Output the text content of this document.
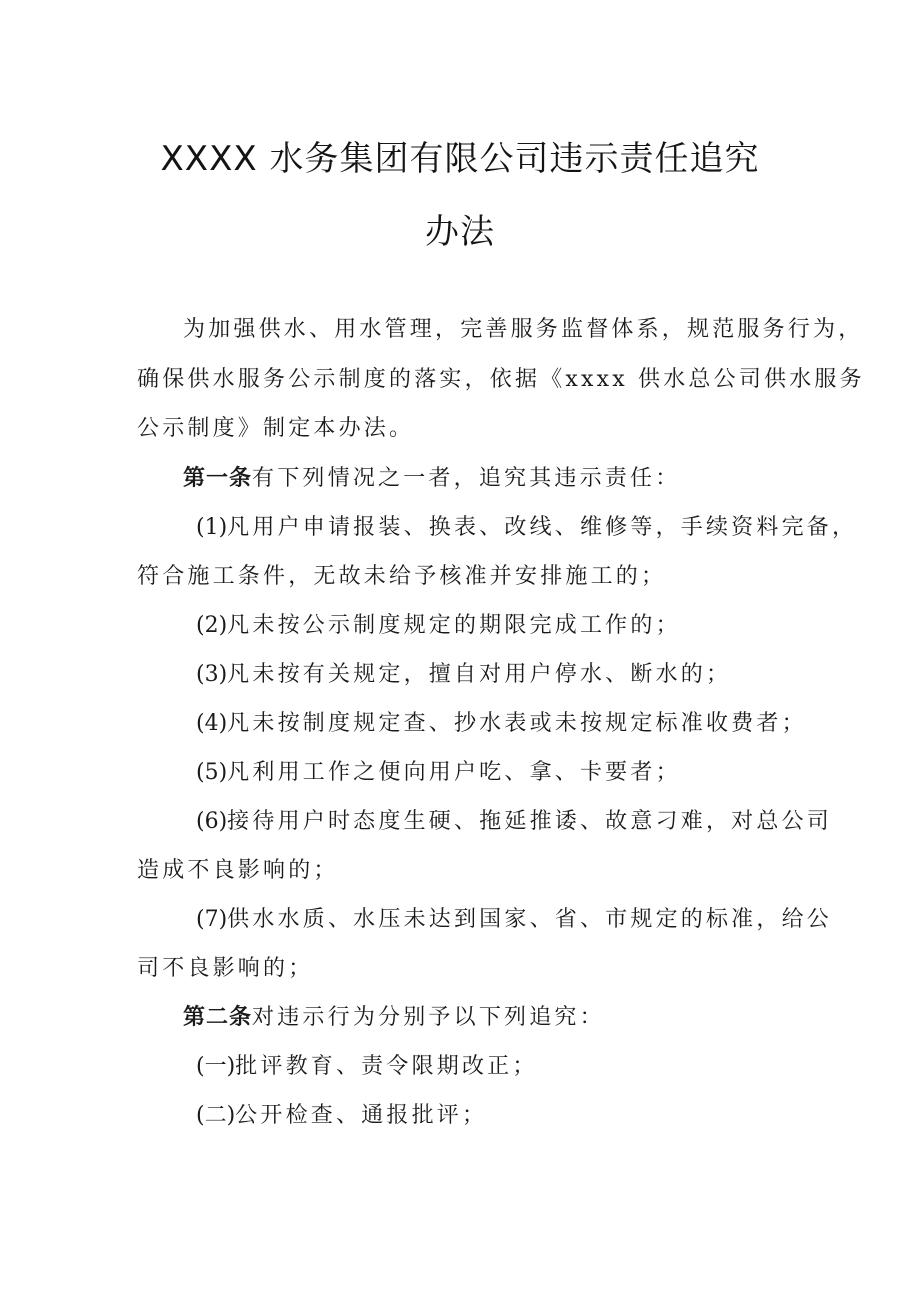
XXXX 水务集团有限公司违示责任追究
办法
为加强供水、用水管理，完善服务监督体系，规范服务行为，
确保供水服务公示制度的落实，依据《xxxx 供水总公司供水服务
公示制度》制定本办法。
第一条有下列情况之一者，追究其违示责任：
(1)凡用户申请报装、换表、改线、维修等，手续资料完备，
符合施工条件，无故未给予核准并安排施工的；
(2)凡未按公示制度规定的期限完成工作的；
(3)凡未按有关规定，擅自对用户停水、断水的；
(4)凡未按制度规定查、抄水表或未按规定标准收费者；
(5)凡利用工作之便向用户吃、拿、卡要者；
(6)接待用户时态度生硬、拖延推诿、故意刁难，对总公司
造成不良影响的；
(7)供水水质、水压未达到国家、省、市规定的标准，给公
司不良影响的；
第二条对违示行为分别予以下列追究：
(一)批评教育、责令限期改正；
(二)公开检查、通报批评；
